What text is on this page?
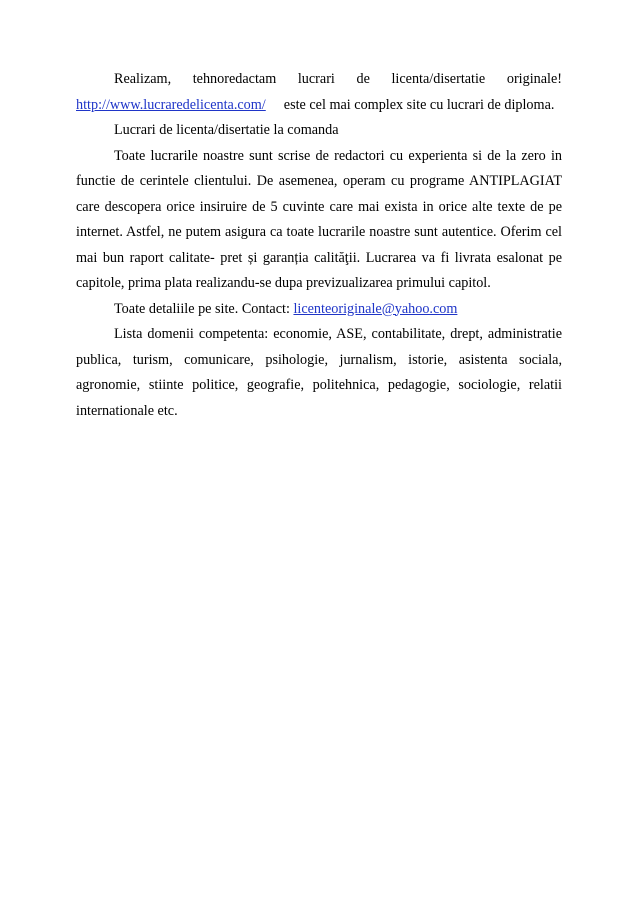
Realizam, tehnoredactam lucrari de licenta/disertatie originale! http://www.lucraredelicenta.com/ este cel mai complex site cu lucrari de diploma.

Lucrari de licenta/disertatie la comanda

Toate lucrarile noastre sunt scrise de redactori cu experienta si de la zero in functie de cerintele clientului. De asemenea, operam cu programe ANTIPLAGIAT care descopera orice insiruire de 5 cuvinte care mai exista in orice alte texte de pe internet. Astfel, ne putem asigura ca toate lucrarile noastre sunt autentice. Oferim cel mai bun raport calitate- pret și garanția calităţii. Lucrarea va fi livrata esalonat pe capitole, prima plata realizandu-se dupa previzualizarea primului capitol.

Toate detaliile pe site. Contact: licenteoriginale@yahoo.com

Lista domenii competenta: economie, ASE, contabilitate, drept, administratie publica, turism, comunicare, psihologie, jurnalism, istorie, asistenta sociala, agronomie, stiinte politice, geografie, politehnica, pedagogie, sociologie, relatii internationale etc.
